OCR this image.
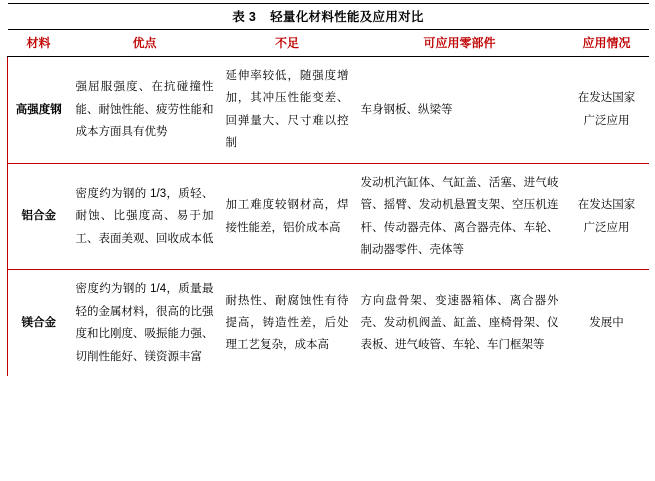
表 3 轻量化材料性能及应用对比				
材料	优点	不足	可应用零部件	应用情况
高强度钢	强屈服强度、在抗碰撞性能、耐蚀性能、疲劳性能和成本方面具有优势	延伸率较低，随强度增加，其冲压性能变差、回弹量大、尺寸难以控制	车身钢板、纵梁等	在发达国家
广泛应用

铝合金	密度约为钢的 1/3，质轻、耐蚀、比强度高、易于加工、表面美观、回收成本低	加工难度较钢材高，焊接性能差，铝价成本高	发动机汽缸体、气缸盖、活塞、进气岐管、摇臂、发动机悬置支架、空压机连杆、传动器壳体、离合器壳体、车轮、制动器零件、壳体等	在发达国家
广泛应用

镁合金	密度约为钢的 1/4，质量最轻的金属材料，很高的比强度和比刚度、吸振能力强、切削性能好、镁资源丰富	耐热性、耐腐蚀性有待提高，铸造性差，后处理工艺复杂，成本高	方向盘骨架、变速器箱体、离合器外壳、发动机阀盖、缸盖、座椅骨架、仪表板、进气岐管、车轮、车门框架等	发展中
